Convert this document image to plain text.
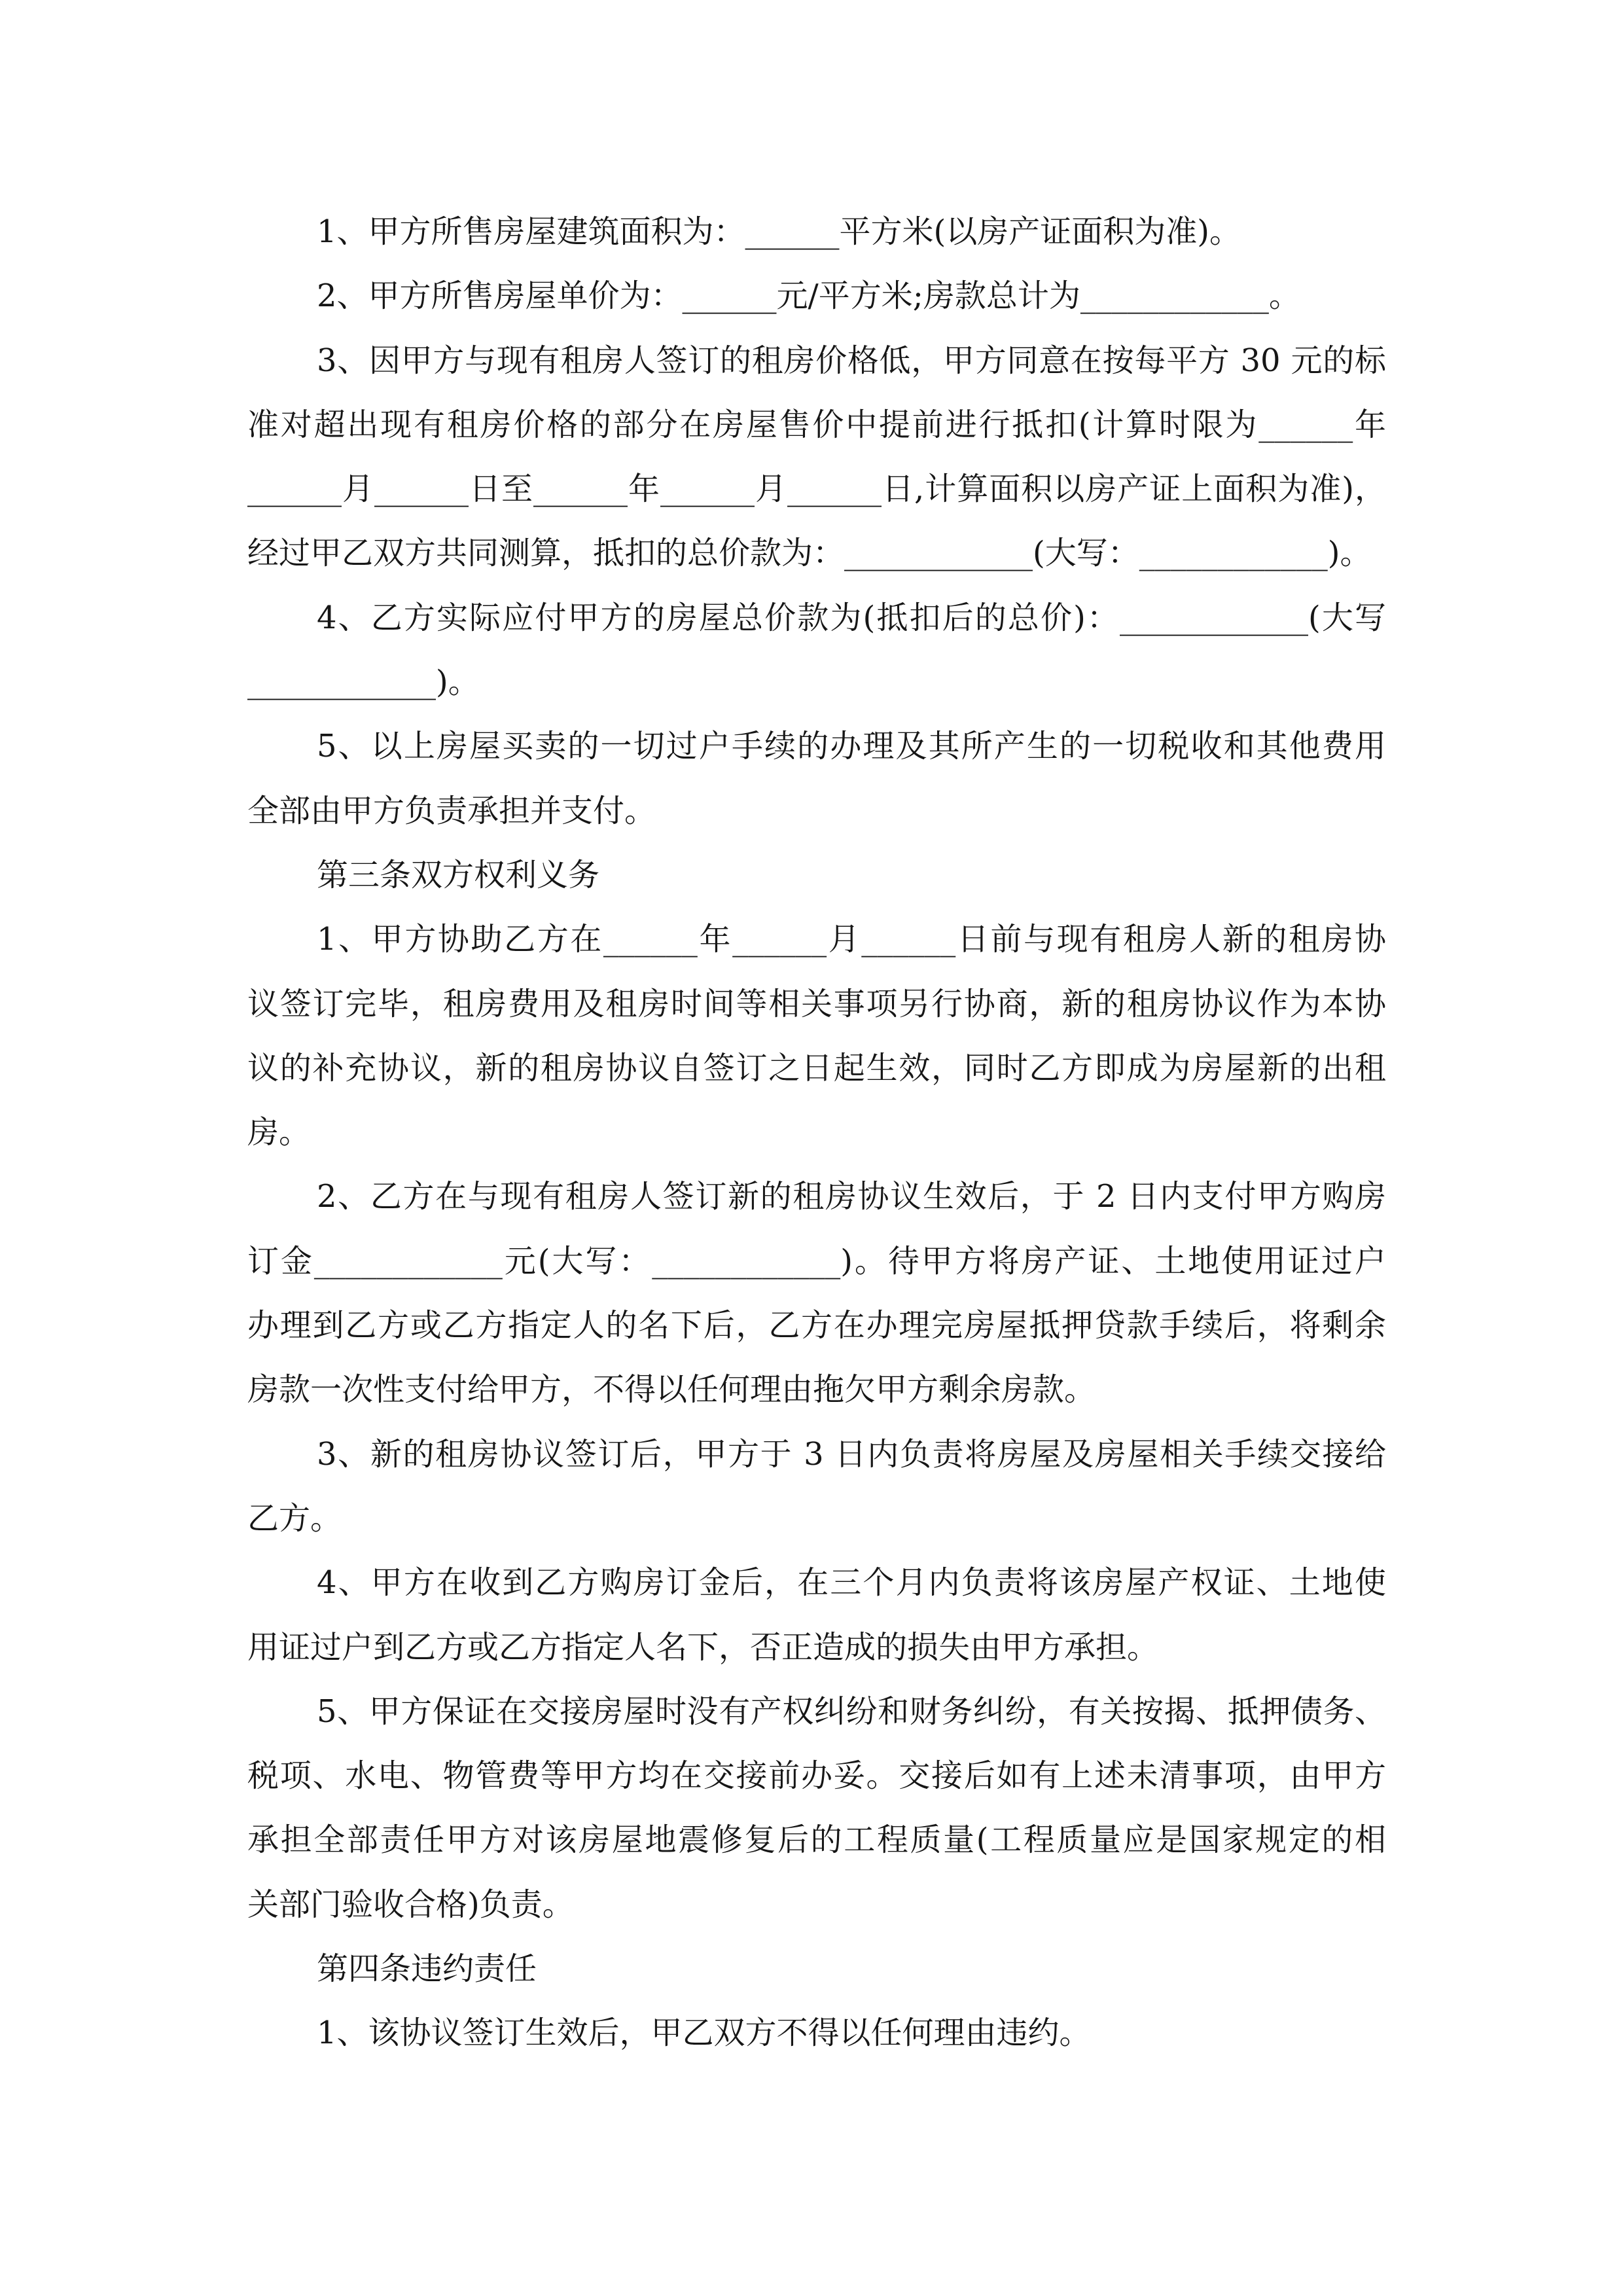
1、甲方所售房屋建筑面积为：______平方米(以房产证面积为准)。
2、甲方所售房屋单价为：______元/平方米;房款总计为____________。
3、因甲方与现有租房人签订的租房价格低，甲方同意在按每平方 30 元的标
准对超出现有租房价格的部分在房屋售价中提前进行抵扣(计算时限为______年
______月______日至______年______月______日,计算面积以房产证上面积为准)，
经过甲乙双方共同测算，抵扣的总价款为：____________(大写：____________)。
4、乙方实际应付甲方的房屋总价款为(抵扣后的总价)：____________(大写
____________)。
5、以上房屋买卖的一切过户手续的办理及其所产生的一切税收和其他费用
全部由甲方负责承担并支付。
第三条双方权利义务
1、甲方协助乙方在______年______月______日前与现有租房人新的租房协
议签订完毕，租房费用及租房时间等相关事项另行协商，新的租房协议作为本协
议的补充协议，新的租房协议自签订之日起生效，同时乙方即成为房屋新的出租
房。
2、乙方在与现有租房人签订新的租房协议生效后，于 2 日内支付甲方购房
订金____________元(大写：____________)。待甲方将房产证、土地使用证过户
办理到乙方或乙方指定人的名下后，乙方在办理完房屋抵押贷款手续后，将剩余
房款一次性支付给甲方，不得以任何理由拖欠甲方剩余房款。
3、新的租房协议签订后，甲方于 3 日内负责将房屋及房屋相关手续交接给
乙方。
4、甲方在收到乙方购房订金后，在三个月内负责将该房屋产权证、土地使
用证过户到乙方或乙方指定人名下，否正造成的损失由甲方承担。
5、甲方保证在交接房屋时没有产权纠纷和财务纠纷，有关按揭、抵押债务、
税项、水电、物管费等甲方均在交接前办妥。交接后如有上述未清事项，由甲方
承担全部责任甲方对该房屋地震修复后的工程质量(工程质量应是国家规定的相
关部门验收合格)负责。
第四条违约责任
1、该协议签订生效后，甲乙双方不得以任何理由违约。
